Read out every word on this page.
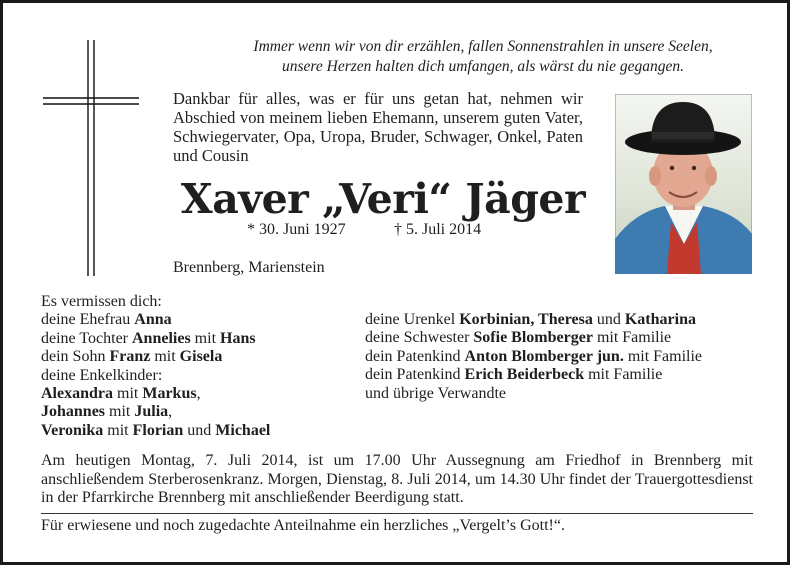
Immer wenn wir von dir erzählen, fallen Sonnenstrahlen in unsere Seelen,
unsere Herzen halten dich umfangen, als wärst du nie gegangen.
Dankbar für alles, was er für uns getan hat, nehmen wir Abschied von meinem lieben Ehemann, unserem guten Vater, Schwiegervater, Opa, Uropa, Bruder, Schwager, Onkel, Paten und Cousin
Xaver „Veri“ Jäger
* 30. Juni 1927	† 5. Juli 2014
Brennberg, Marienstein
Es vermissen dich:
deine Ehefrau Anna
deine Tochter Annelies mit Hans
dein Sohn Franz mit Gisela
deine Enkelkinder:
Alexandra mit Markus,
Johannes mit Julia,
Veronika mit Florian und Michael
deine Urenkel Korbinian, Theresa und Katharina
deine Schwester Sofie Blomberger mit Familie
dein Patenkind Anton Blomberger jun. mit Familie
dein Patenkind Erich Beiderbeck mit Familie
und übrige Verwandte
Am heutigen Montag, 7. Juli 2014, ist um 17.00 Uhr Aussegnung am Friedhof in Brennberg mit anschließendem Sterberosenkranz. Morgen, Dienstag, 8. Juli 2014, um 14.30 Uhr findet der Trauergottesdienst in der Pfarrkirche Brennberg mit anschließender Beerdigung statt.
Für erwiesene und noch zugedachte Anteilnahme ein herzliches „Vergelt’s Gott!“.
